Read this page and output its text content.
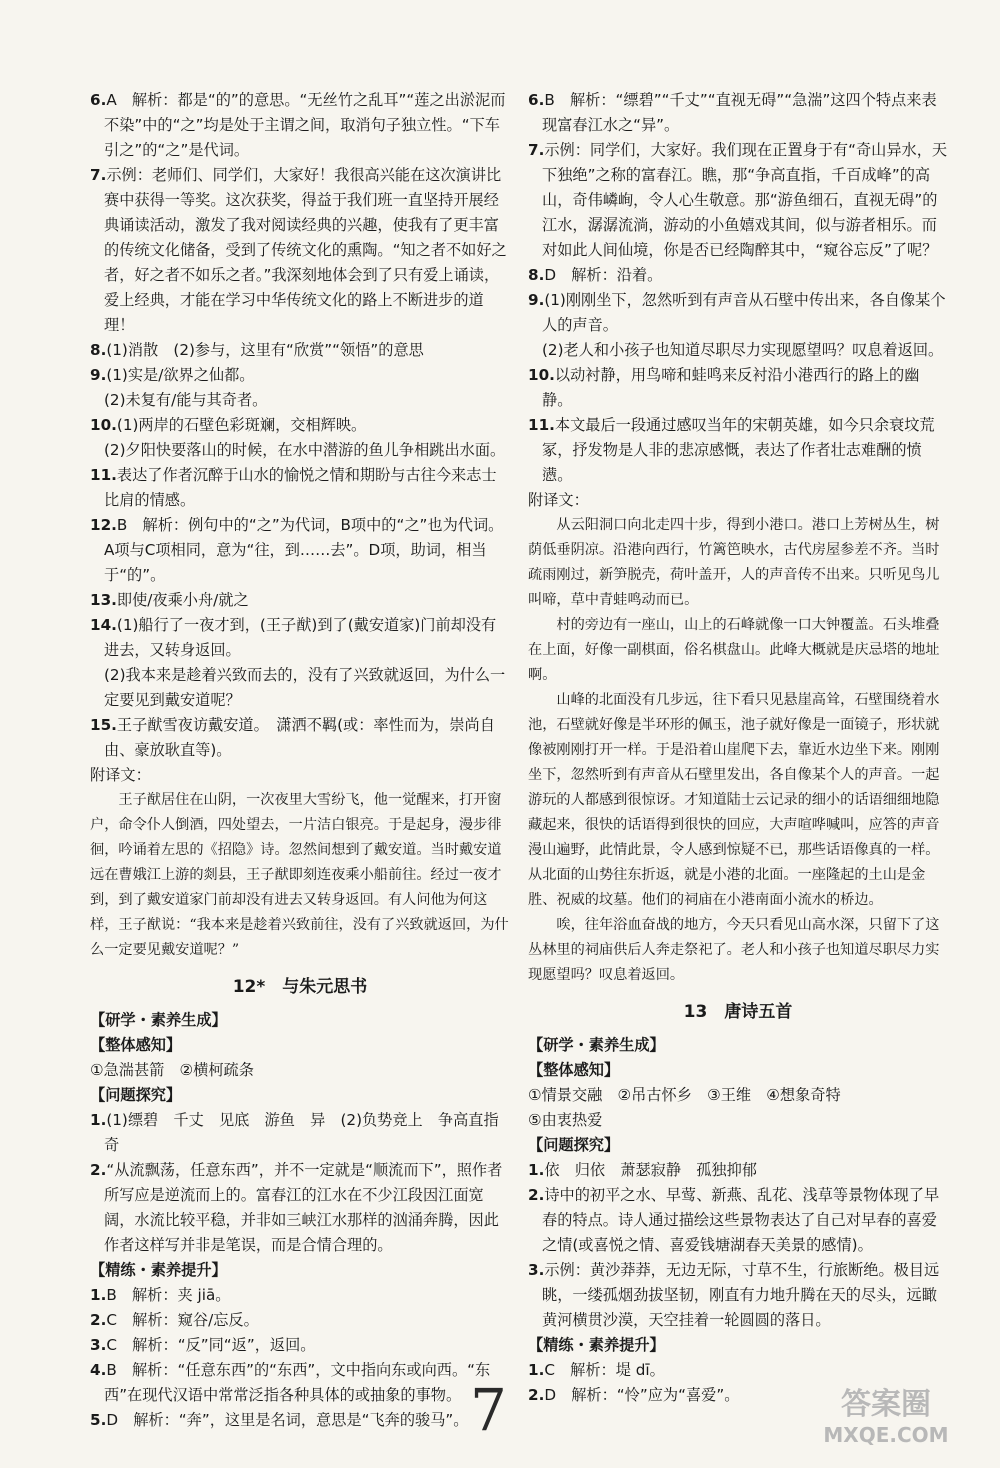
6.A　解析：都是“的”的意思。“无丝竹之乱耳”“莲之出淤泥而不染”中的“之”均是处于主谓之间，取消句子独立性。“下车引之”的“之”是代词。

7.示例：老师们、同学们，大家好！我很高兴能在这次演讲比赛中获得一等奖。这次获奖，得益于我们班一直坚持开展经典诵读活动，激发了我对阅读经典的兴趣，使我有了更丰富的传统文化储备，受到了传统文化的熏陶。“知之者不如好之者，好之者不如乐之者。”我深刻地体会到了只有爱上诵读，爱上经典，才能在学习中华传统文化的路上不断进步的道理！

8.(1)消散　(2)参与，这里有“欣赏”“领悟”的意思

9.(1)实是/欲界之仙都。

(2)未复有/能与其奇者。

10.(1)两岸的石壁色彩斑斓，交相辉映。

(2)夕阳快要落山的时候，在水中潜游的鱼儿争相跳出水面。

11.表达了作者沉醉于山水的愉悦之情和期盼与古往今来志士比肩的情感。

12.B　解析：例句中的“之”为代词，B项中的“之”也为代词。A项与C项相同，意为“往，到……去”。D项，助词，相当于“的”。

13.即使/夜乘小舟/就之

14.(1)船行了一夜才到，(王子猷)到了(戴安道家)门前却没有进去，又转身返回。

(2)我本来是趁着兴致而去的，没有了兴致就返回，为什么一定要见到戴安道呢？

15.王子猷雪夜访戴安道。　潇洒不羁(或：率性而为，崇尚自由、豪放耿直等)。

附译文：

王子猷居住在山阴，一次夜里大雪纷飞，他一觉醒来，打开窗户，命令仆人倒酒，四处望去，一片洁白银亮。于是起身，漫步徘徊，吟诵着左思的《招隐》诗。忽然间想到了戴安道。当时戴安道远在曹娥江上游的剡县，王子猷即刻连夜乘小船前往。经过一夜才到，到了戴安道家门前却没有进去又转身返回。有人问他为何这样，王子猷说：“我本来是趁着兴致前往，没有了兴致就返回，为什么一定要见戴安道呢？”

12*　与朱元思书

【研学・素养生成】

【整体感知】

①急湍甚箭　②横柯疏条

【问题探究】

1.(1)缥碧　千丈　见底　游鱼　异　(2)负势竞上　争高直指　奇

2.“从流飘荡，任意东西”，并不一定就是“顺流而下”，照作者所写应是逆流而上的。富春江的江水在不少江段因江面宽阔，水流比较平稳，并非如三峡江水那样的汹涌奔腾，因此作者这样写并非是笔误，而是合情合理的。

【精练・素养提升】

1.B　解析：夹 jiā。

2.C　解析：窥谷/忘反。

3.C　解析：“反”同“返”，返回。

4.B　解析：“任意东西”的“东西”，文中指向东或向西。“东西”在现代汉语中常常泛指各种具体的或抽象的事物。

5.D　解析：“奔”，这里是名词，意思是“飞奔的骏马”。

6.B　解析：“缥碧”“千丈”“直视无碍”“急湍”这四个特点来表现富春江水之“异”。

7.示例：同学们，大家好。我们现在正置身于有“奇山异水，天下独绝”之称的富春江。瞧，那“争高直指，千百成峰”的高山，奇伟嶙峋，令人心生敬意。那“游鱼细石，直视无碍”的江水，潺潺流淌，游动的小鱼嬉戏其间，似与游者相乐。而对如此人间仙境，你是否已经陶醉其中，“窥谷忘反”了呢？

8.D　解析：沿着。

9.(1)刚刚坐下，忽然听到有声音从石壁中传出来，各自像某个人的声音。

(2)老人和小孩子也知道尽职尽力实现愿望吗？叹息着返回。

10.以动衬静，用鸟啼和蛙鸣来反衬沿小港西行的路上的幽静。

11.本文最后一段通过感叹当年的宋朝英雄，如今只余衰坟荒冢，抒发物是人非的悲凉感慨，表达了作者壮志难酬的愤懑。

附译文：

从云阳洞口向北走四十步，得到小港口。港口上芳树丛生，树荫低垂阴凉。沿港向西行，竹篱笆映水，古代房屋参差不齐。当时疏雨刚过，新笋脱壳，荷叶盖开，人的声音传不出来。只听见鸟儿叫啼，草中青蛙鸣动而已。

村的旁边有一座山，山上的石峰就像一口大钟覆盖。石头堆叠在上面，好像一副棋面，俗名棋盘山。此峰大概就是庆忌塔的地址啊。

山峰的北面没有几步远，往下看只见悬崖高耸，石壁围绕着水池，石壁就好像是半环形的佩玉，池子就好像是一面镜子，形状就像被刚刚打开一样。于是沿着山崖爬下去，靠近水边坐下来。刚刚坐下，忽然听到有声音从石壁里发出，各自像某个人的声音。一起游玩的人都感到很惊讶。才知道陆士云记录的细小的话语细细地隐藏起来，很快的话语得到很快的回应，大声喧哗喊叫，应答的声音漫山遍野，此情此景，令人感到惊疑不已，那些话语像真的一样。从北面的山势往东折返，就是小港的北面。一座隆起的土山是金胜、祝威的坟墓。他们的祠庙在小港南面小流水的桥边。

唉，往年浴血奋战的地方，今天只看见山高水深，只留下了这丛林里的祠庙供后人奔走祭祀了。老人和小孩子也知道尽职尽力实现愿望吗？叹息着返回。

13　唐诗五首

【研学・素养生成】

【整体感知】

①情景交融　②吊古怀乡　③王维　④想象奇特

⑤由衷热爱

【问题探究】

1.依　归依　萧瑟寂静　孤独抑郁

2.诗中的初平之水、早莺、新燕、乱花、浅草等景物体现了早春的特点。诗人通过描绘这些景物表达了自己对早春的喜爱之情(或喜悦之情、喜爱钱塘湖春天美景的感情)。

3.示例：黄沙莽莽，无边无际，寸草不生，行旅断绝。极目远眺，一缕孤烟劲拔坚韧，刚直有力地升腾在天的尽头，远瞰黄河横贯沙漠，天空挂着一轮圆圆的落日。

【精练・素养提升】

1.C　解析：堤 dī。

2.D　解析：“怜”应为“喜爱”。

7	答案圈
MXQE.COM
